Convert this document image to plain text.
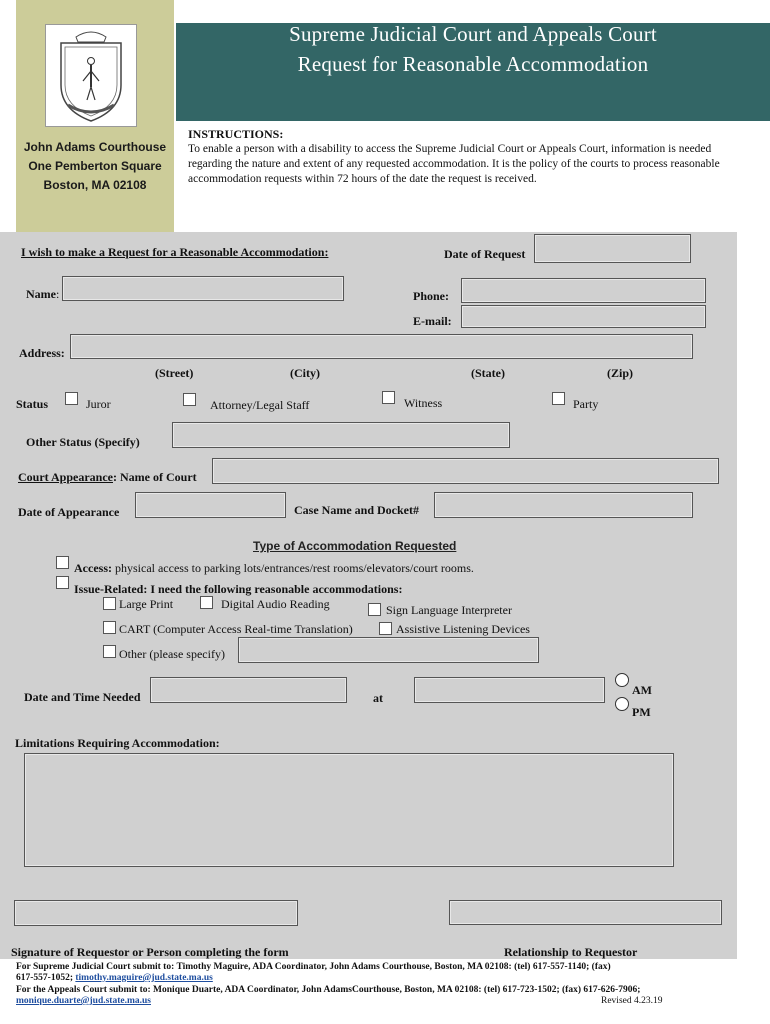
John Adams Courthouse
One Pemberton Square
Boston, MA 02108
Supreme Judicial Court and Appeals Court
Request for Reasonable Accommodation
INSTRUCTIONS:
To enable a person with a disability to access the Supreme Judicial Court or Appeals Court, information is needed regarding the nature and extent of any requested accommodation. It is the policy of the courts to process reasonable accommodation requests within 72 hours of the date the request is received.
I wish to make a Request for a Reasonable Accommodation:	Date of Request
Name:	Phone:
E-mail:
Address:
(Street)	(City)	(State)	(Zip)
Status	Juror	Attorney/Legal Staff	Witness	Party
Other Status (Specify)
Court Appearance: Name of Court
Date of Appearance	Case Name and Docket#
Type of Accommodation Requested
Access: physical access to parking lots/entrances/rest rooms/elevators/court rooms.
Issue-Related: I need the following reasonable accommodations:
Large Print	Digital Audio Reading	Sign Language Interpreter
CART (Computer Access Real-time Translation)	Assistive Listening Devices
Other (please specify)
Date and Time Needed	at
AM
PM
Limitations Requiring Accommodation:
Signature of Requestor or Person completing the form	Relationship to Requestor
For Supreme Judicial Court submit to: Timothy Maguire, ADA Coordinator, John Adams Courthouse, Boston, MA 02108: (tel) 617-557-1140; (fax)
617-557-1052; timothy.maguire@jud.state.ma.us
For the Appeals Court submit to: Monique Duarte, ADA Coordinator, John AdamsCourthouse, Boston, MA 02108: (tel) 617-723-1502; (fax) 617-626-7906;
monique.duarte@jud.state.ma.us	Revised 4.23.19
